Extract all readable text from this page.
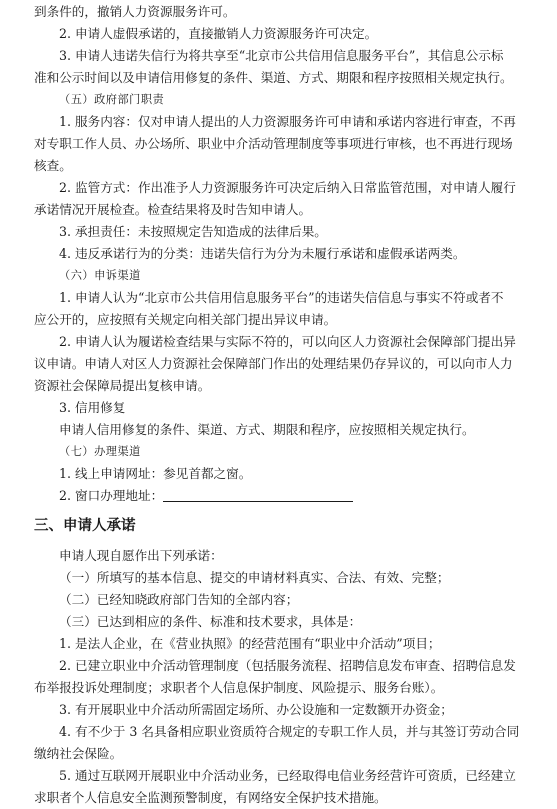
到条件的，撤销人力资源服务许可。
2. 申请人虚假承诺的，直接撤销人力资源服务许可决定。
3. 申请人违诺失信行为将共享至“北京市公共信用信息服务平台”，其信息公示标
准和公示时间以及申请信用修复的条件、渠道、方式、期限和程序按照相关规定执行。
（五）政府部门职责
1. 服务内容：仅对申请人提出的人力资源服务许可申请和承诺内容进行审查，不再
对专职工作人员、办公场所、职业中介活动管理制度等事项进行审核，也不再进行现场
核查。
2. 监管方式：作出准予人力资源服务许可决定后纳入日常监管范围，对申请人履行
承诺情况开展检查。检查结果将及时告知申请人。
3. 承担责任：未按照规定告知造成的法律后果。
4. 违反承诺行为的分类：违诺失信行为分为未履行承诺和虚假承诺两类。
（六）申诉渠道
1. 申请人认为“北京市公共信用信息服务平台”的违诺失信信息与事实不符或者不
应公开的，应按照有关规定向相关部门提出异议申请。
2. 申请人认为履诺检查结果与实际不符的，可以向区人力资源社会保障部门提出异
议申请。申请人对区人力资源社会保障部门作出的处理结果仍存异议的，可以向市人力
资源社会保障局提出复核申请。
3. 信用修复
申请人信用修复的条件、渠道、方式、期限和程序，应按照相关规定执行。
（七）办理渠道
1. 线上申请网址：参见首都之窗。
2. 窗口办理地址：
三、申请人承诺
申请人现自愿作出下列承诺：
（一）所填写的基本信息、提交的申请材料真实、合法、有效、完整；
（二）已经知晓政府部门告知的全部内容；
（三）已达到相应的条件、标准和技术要求，具体是：
1. 是法人企业，在《营业执照》的经营范围有“职业中介活动”项目；
2. 已建立职业中介活动管理制度（包括服务流程、招聘信息发布审查、招聘信息发
布举报投诉处理制度；求职者个人信息保护制度、风险提示、服务台账）。
3. 有开展职业中介活动所需固定场所、办公设施和一定数额开办资金；
4. 有不少于 3 名具备相应职业资质符合规定的专职工作人员，并与其签订劳动合同
缴纳社会保险。
5. 通过互联网开展职业中介活动业务，已经取得电信业务经营许可资质，已经建立
求职者个人信息安全监测预警制度，有网络安全保护技术措施。
